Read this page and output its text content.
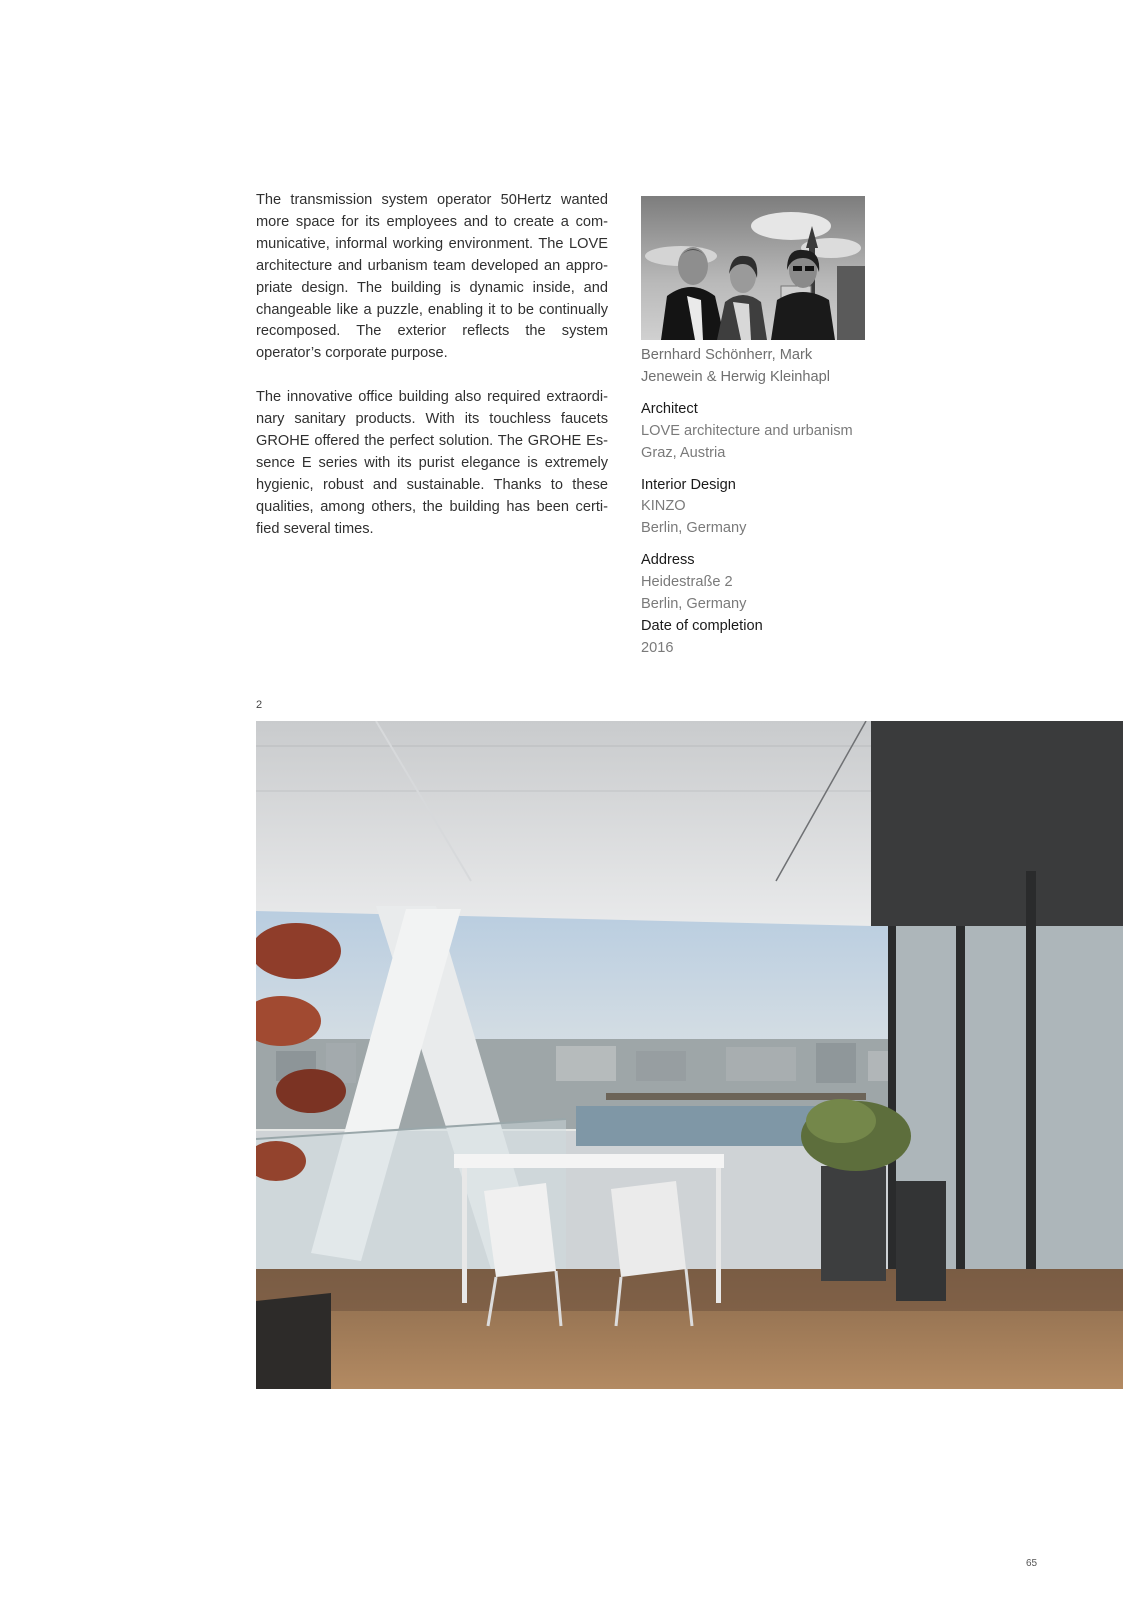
The transmission system operator 50Hertz wanted more space for its employees and to create a com-municative, informal working environment. The LOVE architecture and urbanism team developed an appro-priate design. The building is dynamic inside, and changeable like a puzzle, enabling it to be continually recomposed. The exterior reflects the system operator’s corporate purpose.

The innovative office building also required extraordi-nary sanitary products. With its touchless faucets GROHE offered the perfect solution. The GROHE Es-sence E series with its purist elegance is extremely hygienic, robust and sustainable. Thanks to these qualities, among others, the building has been certi-fied several times.

Bernhard Schönherr, Mark
Jenewein & Herwig Kleinhapl
Architect
LOVE architecture and urbanism
Graz, Austria
Interior Design
KINZO
Berlin, Germany
Address
Heidestraße 2
Berlin, Germany
Date of completion
2016
2
65
